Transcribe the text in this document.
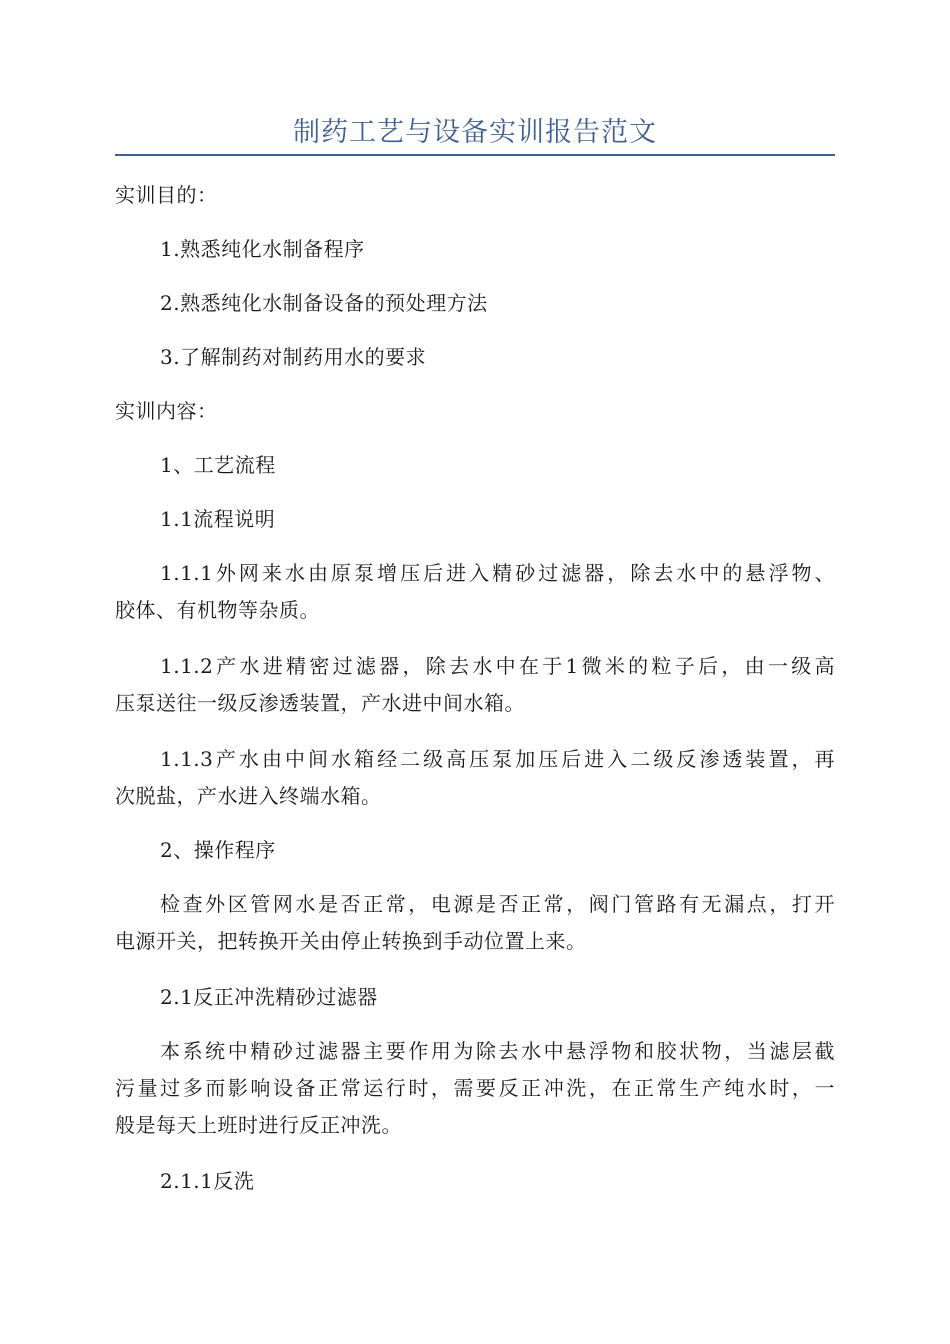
制药工艺与设备实训报告范文
实训目的：
1.熟悉纯化水制备程序
2.熟悉纯化水制备设备的预处理方法
3.了解制药对制药用水的要求
实训内容：
1、工艺流程
1.1流程说明
1.1.1外网来水由原泵增压后进入精砂过滤器，除去水中的悬浮物、
胶体、有机物等杂质。
1.1.2产水进精密过滤器，除去水中在于1微米的粒子后，由一级高
压泵送往一级反渗透装置，产水进中间水箱。
1.1.3产水由中间水箱经二级高压泵加压后进入二级反渗透装置，再
次脱盐，产水进入终端水箱。
2、操作程序
检查外区管网水是否正常，电源是否正常，阀门管路有无漏点，打开
电源开关，把转换开关由停止转换到手动位置上来。
2.1反正冲洗精砂过滤器
本系统中精砂过滤器主要作用为除去水中悬浮物和胶状物，当滤层截
污量过多而影响设备正常运行时，需要反正冲洗，在正常生产纯水时，一
般是每天上班时进行反正冲洗。
2.1.1反洗
